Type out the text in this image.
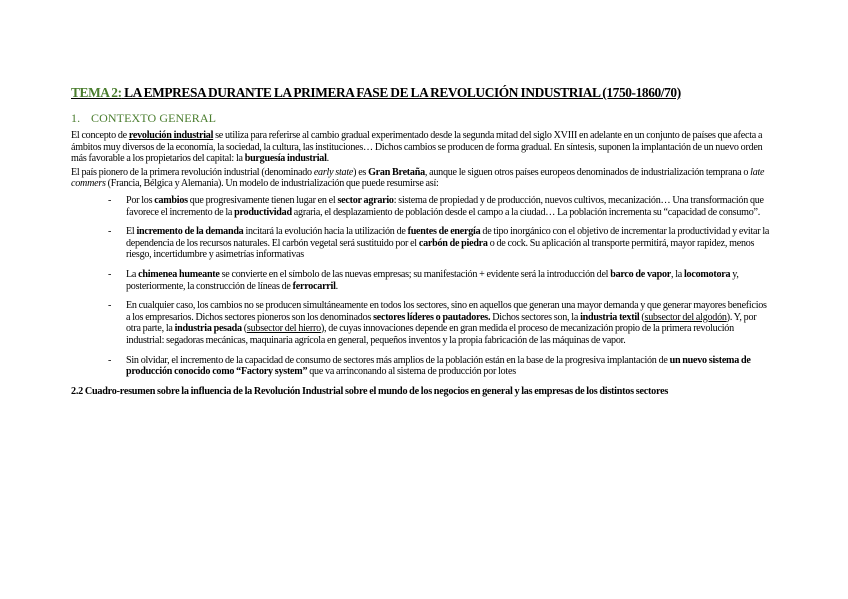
TEMA 2: LA EMPRESA DURANTE LA PRIMERA FASE DE LA REVOLUCIÓN INDUSTRIAL (1750-1860/70)
1. CONTEXTO GENERAL

El concepto de revolución industrial se utiliza para referirse al cambio gradual experimentado desde la segunda mitad del siglo XVIII en adelante en un conjunto de países que afecta a ámbitos muy diversos de la economía, la sociedad, la cultura, las instituciones… Dichos cambios se producen de forma gradual. En síntesis, suponen la implantación de un nuevo orden más favorable a los propietarios del capital: la burguesía industrial.

El país pionero de la primera revolución industrial (denominado early state) es Gran Bretaña, aunque le siguen otros países europeos denominados de industrialización temprana o late commers (Francia, Bélgica y Alemania). Un modelo de industrialización que puede resumirse así:

- Por los cambios que progresivamente tienen lugar en el sector agrario: sistema de propiedad y de producción, nuevos cultivos, mecanización… Una transformación que favorece el incremento de la productividad agraria, el desplazamiento de población desde el campo a la ciudad… La población incrementa su “capacidad de consumo”.
- El incremento de la demanda incitará la evolución hacia la utilización de fuentes de energía de tipo inorgánico con el objetivo de incrementar la productividad y evitar la dependencia de los recursos naturales. El carbón vegetal será sustituido por el carbón de piedra o de cock. Su aplicación al transporte permitirá, mayor rapidez, menos riesgo, incertidumbre y asimetrías informativas
- La chimenea humeante se convierte en el símbolo de las nuevas empresas; su manifestación + evidente será la introducción del barco de vapor, la locomotora y, posteriormente, la construcción de líneas de ferrocarril.
- En cualquier caso, los cambios no se producen simultáneamente en todos los sectores, sino en aquellos que generan una mayor demanda y que generar mayores beneficios a los empresarios. Dichos sectores pioneros son los denominados sectores líderes o pautadores. Dichos sectores son, la industria textil (subsector del algodón). Y, por otra parte, la industria pesada (subsector del hierro), de cuyas innovaciones depende en gran medida el proceso de mecanización propio de la primera revolución industrial: segadoras mecánicas, maquinaria agrícola en general, pequeños inventos y la propia fabricación de las máquinas de vapor.
- Sin olvidar, el incremento de la capacidad de consumo de sectores más amplios de la población están en la base de la progresiva implantación de un nuevo sistema de producción conocido como “Factory system” que va arrinconando al sistema de producción por lotes
2.2 Cuadro-resumen sobre la influencia de la Revolución Industrial sobre el mundo de los negocios en general y las empresas de los distintos sectores
